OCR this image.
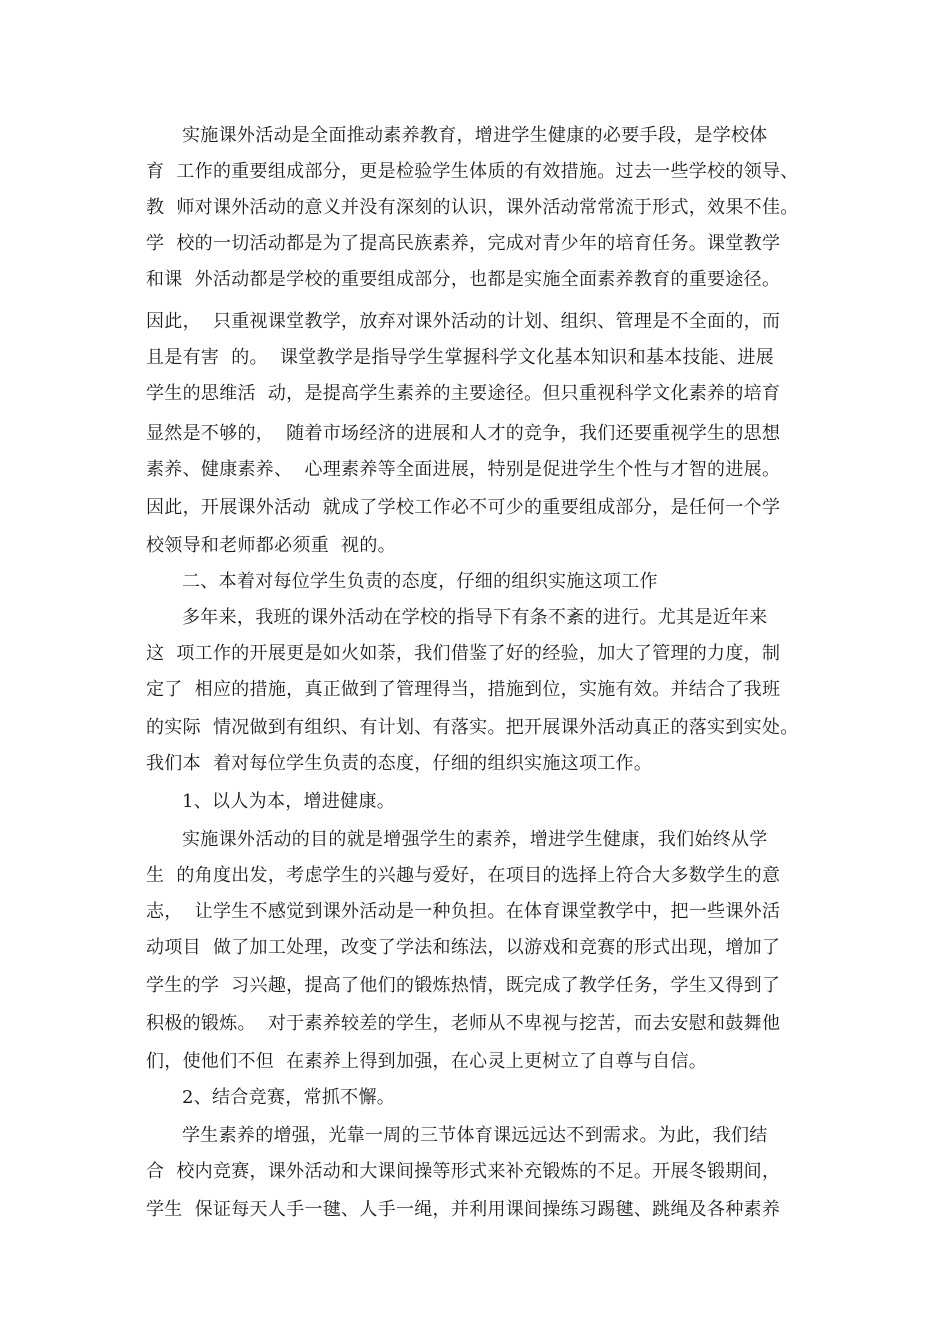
实施课外活动是全面推动素养教育，增进学生健康的必要手段，是学校体
育  工作的重要组成部分，更是检验学生体质的有效措施。过去一些学校的领导、
教  师对课外活动的意义并没有深刻的认识，课外活动常常流于形式，效果不佳。
学  校的一切活动都是为了提高民族素养，完成对青少年的培育任务。课堂教学
和课  外活动都是学校的重要组成部分，也都是实施全面素养教育的重要途径。
因此，  只重视课堂教学，放弃对课外活动的计划、组织、管理是不全面的，而
且是有害  的。  课堂教学是指导学生掌握科学文化基本知识和基本技能、进展
学生的思维活  动，是提高学生素养的主要途径。但只重视科学文化素养的培育
显然是不够的，  随着市场经济的进展和人才的竞争，我们还要重视学生的思想
素养、健康素养、  心理素养等全面进展，特别是促进学生个性与才智的进展。
因此，开展课外活动  就成了学校工作必不可少的重要组成部分，是任何一个学
校领导和老师都必须重  视的。
二、本着对每位学生负责的态度，仔细的组织实施这项工作
多年来，我班的课外活动在学校的指导下有条不紊的进行。尤其是近年来
这  项工作的开展更是如火如荼，我们借鉴了好的经验，加大了管理的力度，制
定了  相应的措施，真正做到了管理得当，措施到位，实施有效。并结合了我班
的实际  情况做到有组织、有计划、有落实。把开展课外活动真正的落实到实处。
我们本  着对每位学生负责的态度，仔细的组织实施这项工作。
1、以人为本，增进健康。
实施课外活动的目的就是增强学生的素养，增进学生健康，我们始终从学
生  的角度出发，考虑学生的兴趣与爱好，在项目的选择上符合大多数学生的意
志，  让学生不感觉到课外活动是一种负担。在体育课堂教学中，把一些课外活
动项目  做了加工处理，改变了学法和练法，以游戏和竞赛的形式出现，增加了
学生的学  习兴趣，提高了他们的锻炼热情，既完成了教学任务，学生又得到了
积极的锻炼。  对于素养较差的学生，老师从不卑视与挖苦，而去安慰和鼓舞他
们，使他们不但  在素养上得到加强，在心灵上更树立了自尊与自信。
2、结合竞赛，常抓不懈。
学生素养的增强，光靠一周的三节体育课远远达不到需求。为此，我们结
合  校内竞赛，课外活动和大课间操等形式来补充锻炼的不足。开展冬锻期间，
学生  保证每天人手一毽、人手一绳，并利用课间操练习踢毽、跳绳及各种素养
